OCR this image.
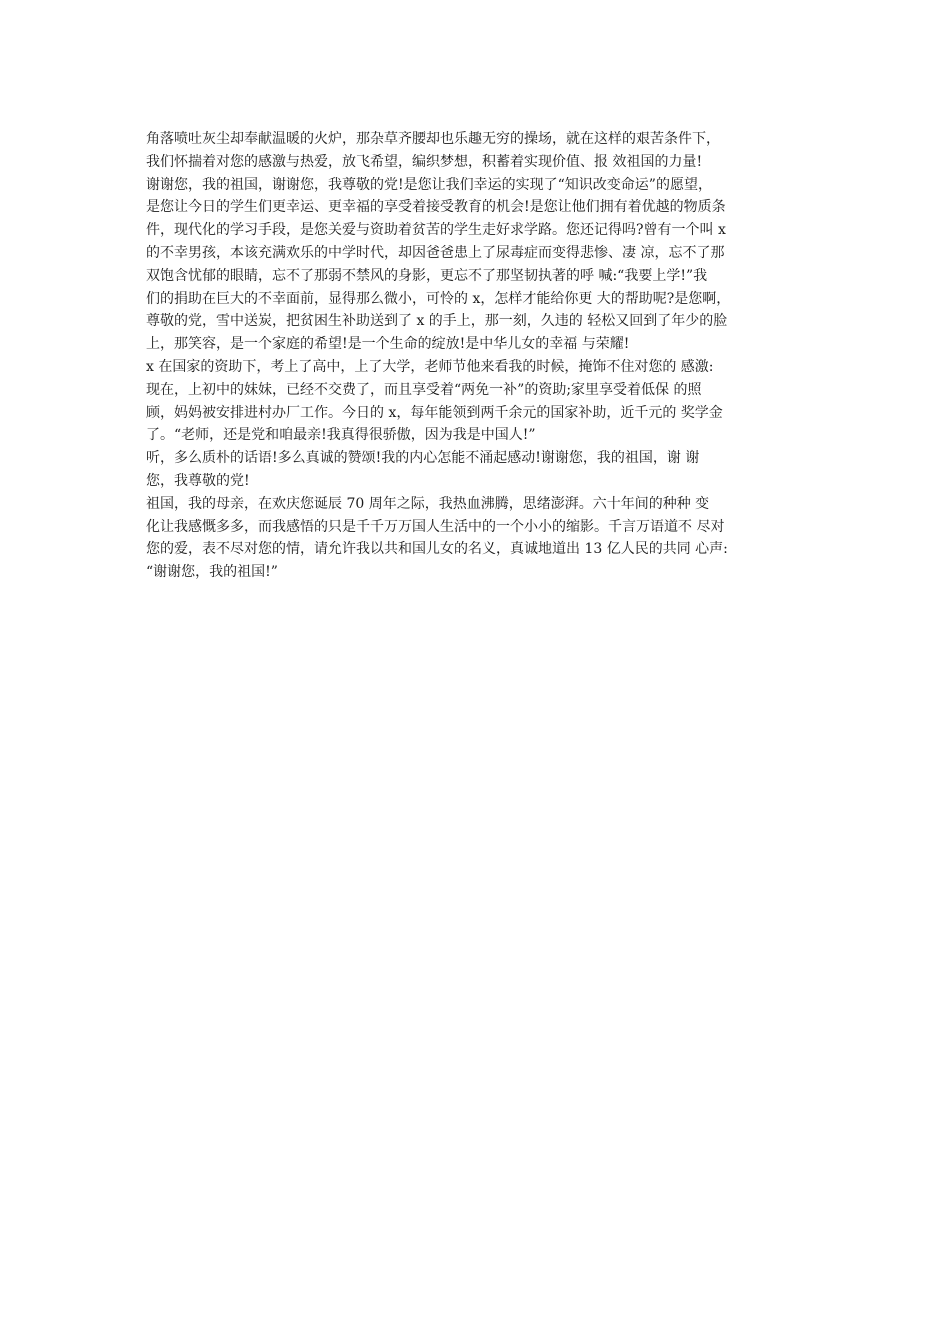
角落喷吐灰尘却奉献温暖的火炉，那杂草齐腰却也乐趣无穷的操场，就在这样的艰苦条件下，
我们怀揣着对您的感激与热爱，放飞希望，编织梦想，积蓄着实现价值、报 效祖国的力量!
谢谢您，我的祖国，谢谢您，我尊敬的党!是您让我们幸运的实现了“知识改变命运”的愿望，
是您让今日的学生们更幸运、更幸福的享受着接受教育的机会!是您让他们拥有着优越的物质条
件，现代化的学习手段，是您关爱与资助着贫苦的学生走好求学路。您还记得吗?曾有一个叫 x
的不幸男孩，本该充满欢乐的中学时代，却因爸爸患上了尿毒症而变得悲惨、凄 凉，忘不了那
双饱含忧郁的眼睛，忘不了那弱不禁风的身影，更忘不了那坚韧执著的呼 喊:“我要上学!”我
们的捐助在巨大的不幸面前，显得那么微小，可怜的 x，怎样才能给你更 大的帮助呢?是您啊，
尊敬的党，雪中送炭，把贫困生补助送到了 x 的手上，那一刻，久违的 轻松又回到了年少的脸
上，那笑容，是一个家庭的希望!是一个生命的绽放!是中华儿女的幸福 与荣耀!
x 在国家的资助下，考上了高中，上了大学，老师节他来看我的时候，掩饰不住对您的 感激:
现在，上初中的妹妹，已经不交费了，而且享受着“两免一补”的资助;家里享受着低保 的照
顾，妈妈被安排进村办厂工作。今日的 x，每年能领到两千余元的国家补助，近千元的 奖学金
了。“老师，还是党和咱最亲!我真得很骄傲，因为我是中国人!”
听，多么质朴的话语!多么真诚的赞颂!我的内心怎能不涌起感动!谢谢您，我的祖国，谢 谢
您，我尊敬的党!
祖国，我的母亲，在欢庆您诞辰 70 周年之际，我热血沸腾，思绪澎湃。六十年间的种种 变
化让我感慨多多，而我感悟的只是千千万万国人生活中的一个小小的缩影。千言万语道不 尽对
您的爱，表不尽对您的情，请允许我以共和国儿女的名义，真诚地道出 13 亿人民的共同 心声:
“谢谢您，我的祖国!”
